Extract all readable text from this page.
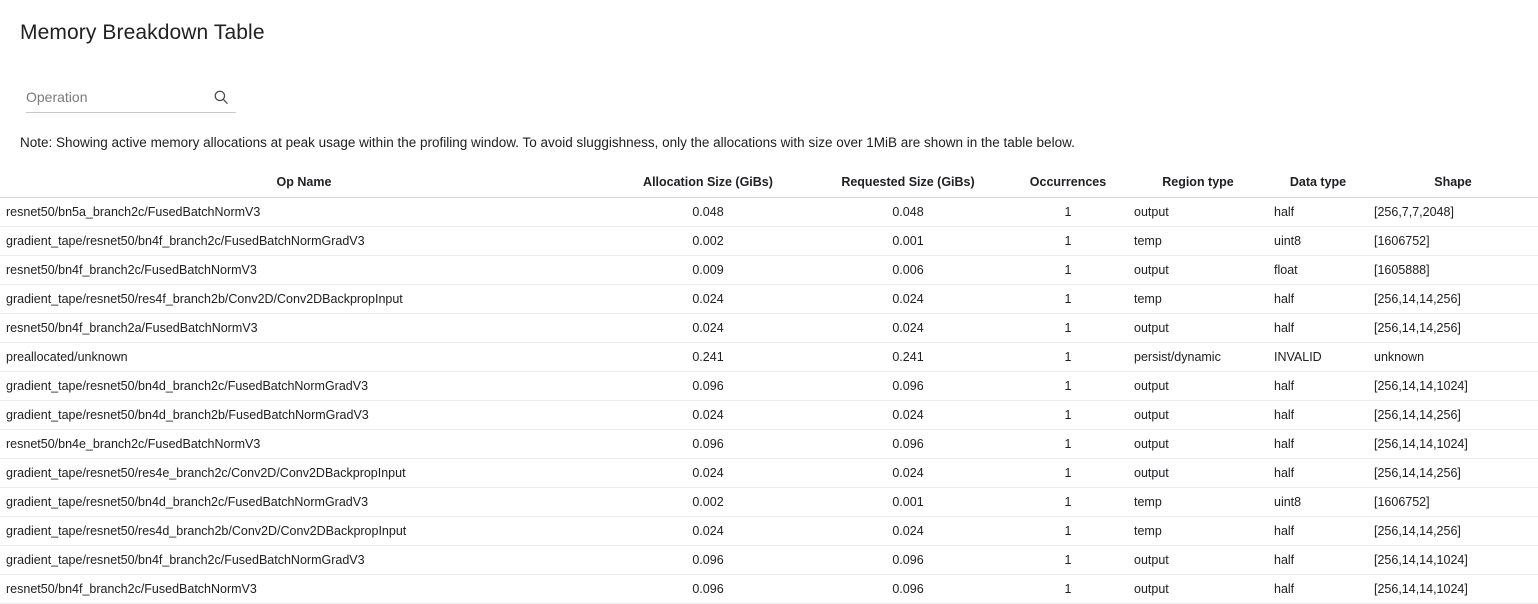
Memory Breakdown Table
Operation
Note: Showing active memory allocations at peak usage within the profiling window. To avoid sluggishness, only the allocations with size over 1MiB are shown in the table below.
Op Name	Allocation Size (GiBs)	Requested Size (GiBs)	Occurrences	Region type	Data type	Shape
resnet50/bn5a_branch2c/FusedBatchNormV3	0.048	0.048	1	output	half	[256,7,7,2048]
gradient_tape/resnet50/bn4f_branch2c/FusedBatchNormGradV3	0.002	0.001	1	temp	uint8	[1606752]
resnet50/bn4f_branch2c/FusedBatchNormV3	0.009	0.006	1	output	float	[1605888]
gradient_tape/resnet50/res4f_branch2b/Conv2D/Conv2DBackpropInput	0.024	0.024	1	temp	half	[256,14,14,256]
resnet50/bn4f_branch2a/FusedBatchNormV3	0.024	0.024	1	output	half	[256,14,14,256]
preallocated/unknown	0.241	0.241	1	persist/dynamic	INVALID	unknown
gradient_tape/resnet50/bn4d_branch2c/FusedBatchNormGradV3	0.096	0.096	1	output	half	[256,14,14,1024]
gradient_tape/resnet50/bn4d_branch2b/FusedBatchNormGradV3	0.024	0.024	1	output	half	[256,14,14,256]
resnet50/bn4e_branch2c/FusedBatchNormV3	0.096	0.096	1	output	half	[256,14,14,1024]
gradient_tape/resnet50/res4e_branch2c/Conv2D/Conv2DBackpropInput	0.024	0.024	1	output	half	[256,14,14,256]
gradient_tape/resnet50/bn4d_branch2c/FusedBatchNormGradV3	0.002	0.001	1	temp	uint8	[1606752]
gradient_tape/resnet50/res4d_branch2b/Conv2D/Conv2DBackpropInput	0.024	0.024	1	temp	half	[256,14,14,256]
gradient_tape/resnet50/bn4f_branch2c/FusedBatchNormGradV3	0.096	0.096	1	output	half	[256,14,14,1024]
resnet50/bn4f_branch2c/FusedBatchNormV3	0.096	0.096	1	output	half	[256,14,14,1024]
